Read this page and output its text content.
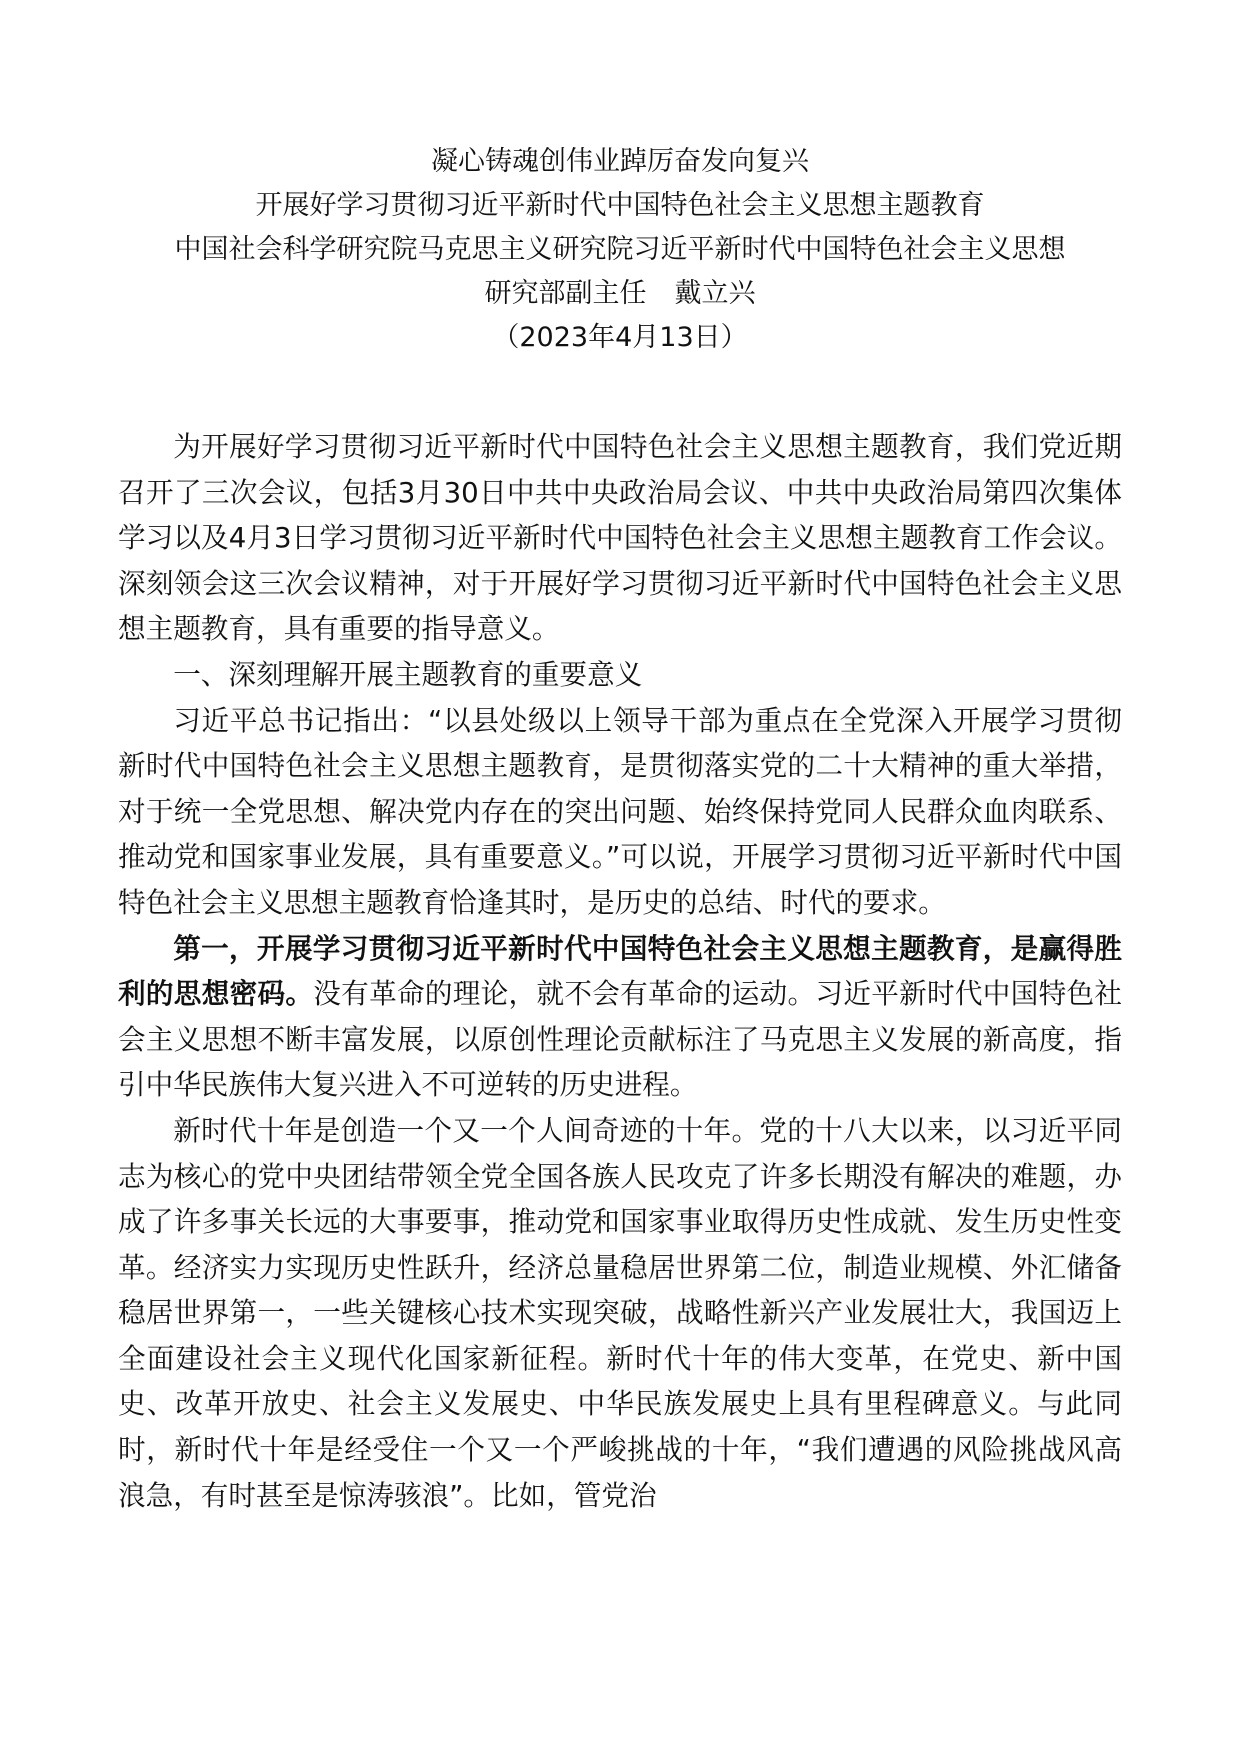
凝心铸魂创伟业踔厉奋发向复兴
开展好学习贯彻习近平新时代中国特色社会主义思想主题教育
中国社会科学研究院马克思主义研究院习近平新时代中国特色社会主义思想
研究部副主任 戴立兴
（2023年4月13日）

为开展好学习贯彻习近平新时代中国特色社会主义思想主题教育，我们党近期召开了三次会议，包括3月30日中共中央政治局会议、中共中央政治局第四次集体学习以及4月3日学习贯彻习近平新时代中国特色社会主义思想主题教育工作会议。深刻领会这三次会议精神，对于开展好学习贯彻习近平新时代中国特色社会主义思想主题教育，具有重要的指导意义。

一、深刻理解开展主题教育的重要意义

习近平总书记指出：“以县处级以上领导干部为重点在全党深入开展学习贯彻新时代中国特色社会主义思想主题教育，是贯彻落实党的二十大精神的重大举措，对于统一全党思想、解决党内存在的突出问题、始终保持党同人民群众血肉联系、推动党和国家事业发展，具有重要意义。”可以说，开展学习贯彻习近平新时代中国特色社会主义思想主题教育恰逢其时，是历史的总结、时代的要求。

第一，开展学习贯彻习近平新时代中国特色社会主义思想主题教育，是赢得胜利的思想密码。没有革命的理论，就不会有革命的运动。习近平新时代中国特色社会主义思想不断丰富发展，以原创性理论贡献标注了马克思主义发展的新高度，指引中华民族伟大复兴进入不可逆转的历史进程。

新时代十年是创造一个又一个人间奇迹的十年。党的十八大以来，以习近平同志为核心的党中央团结带领全党全国各族人民攻克了许多长期没有解决的难题，办成了许多事关长远的大事要事，推动党和国家事业取得历史性成就、发生历史性变革。经济实力实现历史性跃升，经济总量稳居世界第二位，制造业规模、外汇储备稳居世界第一，一些关键核心技术实现突破，战略性新兴产业发展壮大，我国迈上全面建设社会主义现代化国家新征程。新时代十年的伟大变革，在党史、新中国史、改革开放史、社会主义发展史、中华民族发展史上具有里程碑意义。与此同时，新时代十年是经受住一个又一个严峻挑战的十年，“我们遭遇的风险挑战风高浪急，有时甚至是惊涛骇浪”。比如，管党治
